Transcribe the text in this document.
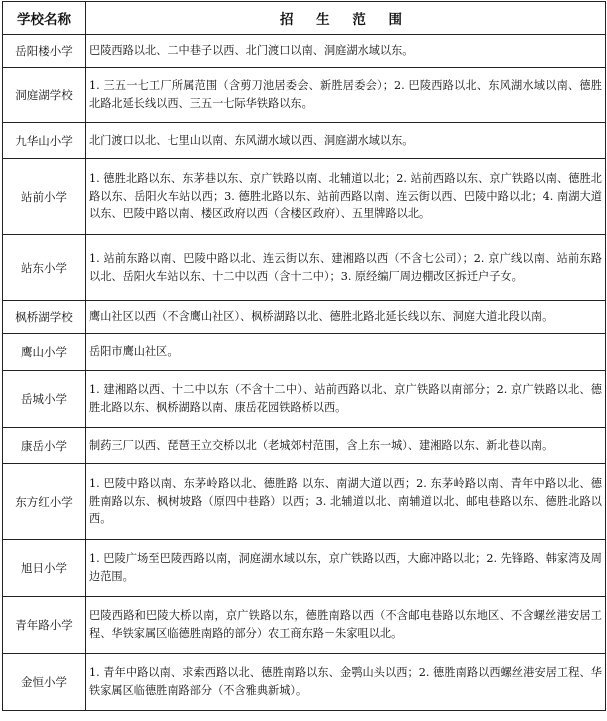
学校名称	招 生 范 围
岳阳楼小学	巴陵西路以北、二中巷子以西、北门渡口以南、洞庭湖水域以东。
洞庭湖学校	1. 三五一七工厂所属范围（含剪刀池居委会、新胜居委会）；2. 巴陵西路以北、东风湖水域以南、德胜北路北延长线以西、三五一七际华铁路以东。
九华山小学	北门渡口以北、七里山以南、东风湖水域以西、洞庭湖水域以东。
站前小学	1. 德胜北路以东、东茅巷以东、京广铁路以南、北辅道以北；2. 站前西路以东、京广铁路以南、德胜北路以东、岳阳火车站以西；3. 德胜北路以东、站前西路以南、连云街以西、巴陵中路以北；4. 南湖大道以东、巴陵中路以南、楼区政府以西（含楼区政府）、五里牌路以北。
站东小学	1. 站前东路以南、巴陵中路以北、连云街以东、建湘路以西（不含七公司）；2. 京广线以南、站前东路以北、岳阳火车站以东、十二中以西（含十二中）；3. 原经编厂周边棚改区拆迁户子女。
枫桥湖学校	鹰山社区以西（不含鹰山社区）、枫桥湖路以北、德胜北路北延长线以东、洞庭大道北段以南。
鹰山小学	岳阳市鹰山社区。
岳城小学	1. 建湘路以西、十二中以东（不含十二中）、站前西路以北、京广铁路以南部分；2. 京广铁路以北、德胜北路以东、枫桥湖路以南、康岳花园铁路桥以西。
康岳小学	制药三厂以西、琵琶王立交桥以北（老城郊村范围，含上东一城）、建湘路以东、新北巷以南。
东方红小学	1. 巴陵中路以南、东茅岭路以北、德胜路 以东、南湖大道以西；2. 东茅岭路以南、青年中路以北、德胜南路以东、枫树坡路（原四中巷路）以西；3. 北辅道以北、南辅道以北、邮电巷路以东、德胜北路以西。
旭日小学	1. 巴陵广场至巴陵西路以南，洞庭湖水域以东，京广铁路以西，大廊冲路以北；2. 先锋路、韩家湾及周边范围。
青年路小学	巴陵西路和巴陵大桥以南，京广铁路以东，德胜南路以西（不含邮电巷路以东地区、不含螺丝港安居工程、华铁家属区临德胜南路的部分）农工商东路－朱家咀以北。
金恒小学	1. 青年中路以南、求索西路以北、德胜南路以东、金鹗山头以西；2. 德胜南路以西螺丝港安居工程、华铁家属区临德胜南路部分（不含雅典新城）。
